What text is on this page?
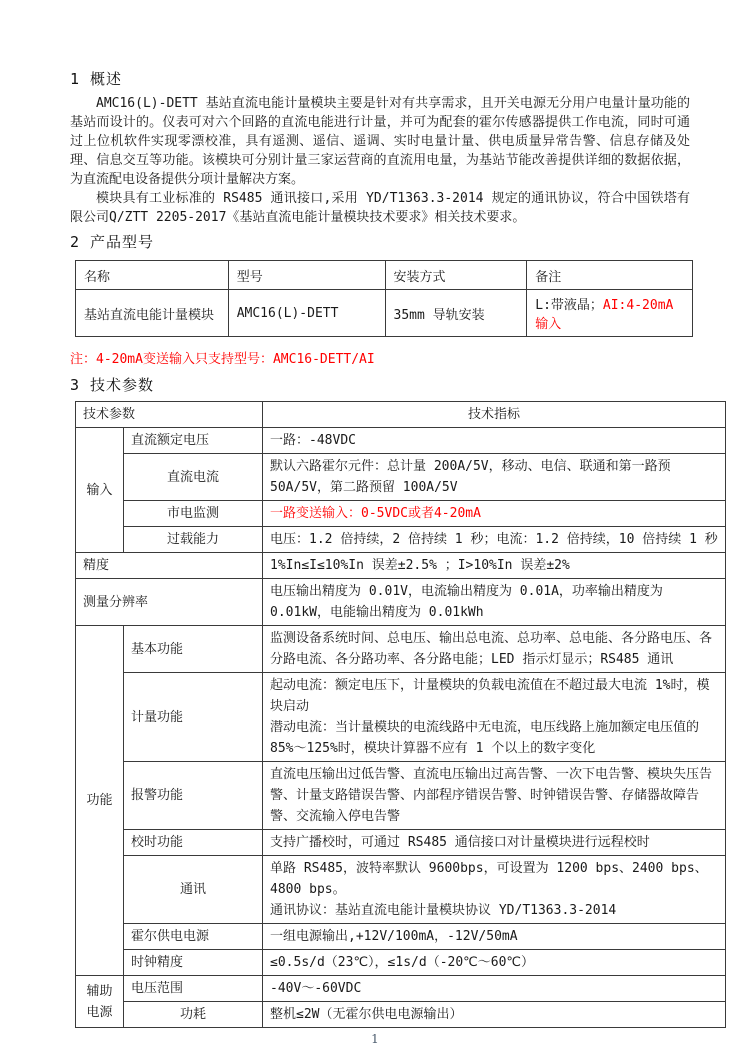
1 概述

AMC16(L)-DETT 基站直流电能计量模块主要是针对有共享需求，且开关电源无分用户电量计量功能的基站而设计的。仪表可对六个回路的直流电能进行计量，并可为配套的霍尔传感器提供工作电流，同时可通过上位机软件实现零漂校准，具有遥测、遥信、遥调、实时电量计量、供电质量异常告警、信息存储及处理、信息交互等功能。该模块可分别计量三家运营商的直流用电量，为基站节能改善提供详细的数据依据，为直流配电设备提供分项计量解决方案。

模块具有工业标准的 RS485 通讯接口,采用 YD/T1363.3-2014 规定的通讯协议，符合中国铁塔有限公司Q/ZTT 2205-2017《基站直流电能计量模块技术要求》相关技术要求。

2 产品型号
名称	型号	安装方式	备注
基站直流电能计量模块	AMC16(L)-DETT	35mm 导轨安装	L:带液晶；AI:4-20mA输入
注：4-20mA变送输入只支持型号：AMC16-DETT/AI
3 技术参数
技术参数		技术指标
输入	直流额定电压	一路：-48VDC
	直流电流	默认六路霍尔元件：总计量 200A/5V，移动、电信、联通和第一路预50A/5V，第二路预留 100A/5V
	市电监测	一路变送输入：0-5VDC或者4-20mA
	过载能力	电压：1.2 倍持续，2 倍持续 1 秒；电流：1.2 倍持续，10 倍持续 1 秒
精度		1%In≤I≤10%In 误差±2.5% ；I>10%In 误差±2%
测量分辨率		电压输出精度为 0.01V，电流输出精度为 0.01A，功率输出精度为 0.01kW，电能输出精度为 0.01kWh
功能	基本功能	监测设备系统时间、总电压、输出总电流、总功率、总电能、各分路电压、各分路电流、各分路功率、各分路电能；LED 指示灯显示；RS485 通讯
	计量功能	起动电流：额定电压下，计量模块的负载电流值在不超过最大电流 1%时，模块启动
潜动电流：当计量模块的电流线路中无电流，电压线路上施加额定电压值的85%～125%时，模块计算器不应有 1 个以上的数字变化

	报警功能	直流电压输出过低告警、直流电压输出过高告警、一次下电告警、模块失压告警、计量支路错误告警、内部程序错误告警、时钟错误告警、存储器故障告警、交流输入停电告警
	校时功能	支持广播校时，可通过 RS485 通信接口对计量模块进行远程校时
	通讯	单路 RS485，波特率默认 9600bps，可设置为 1200 bps、2400 bps、4800 bps。
通讯协议：基站直流电能计量模块协议 YD/T1363.3-2014

	霍尔供电电源	一组电源输出,+12V/100mA，-12V/50mA
	时钟精度	≤0.5s/d（23℃），≤1s/d（-20℃～60℃）
辅助电源	电压范围	-40V～-60VDC
	功耗	整机≤2W（无霍尔供电电源输出）
1
